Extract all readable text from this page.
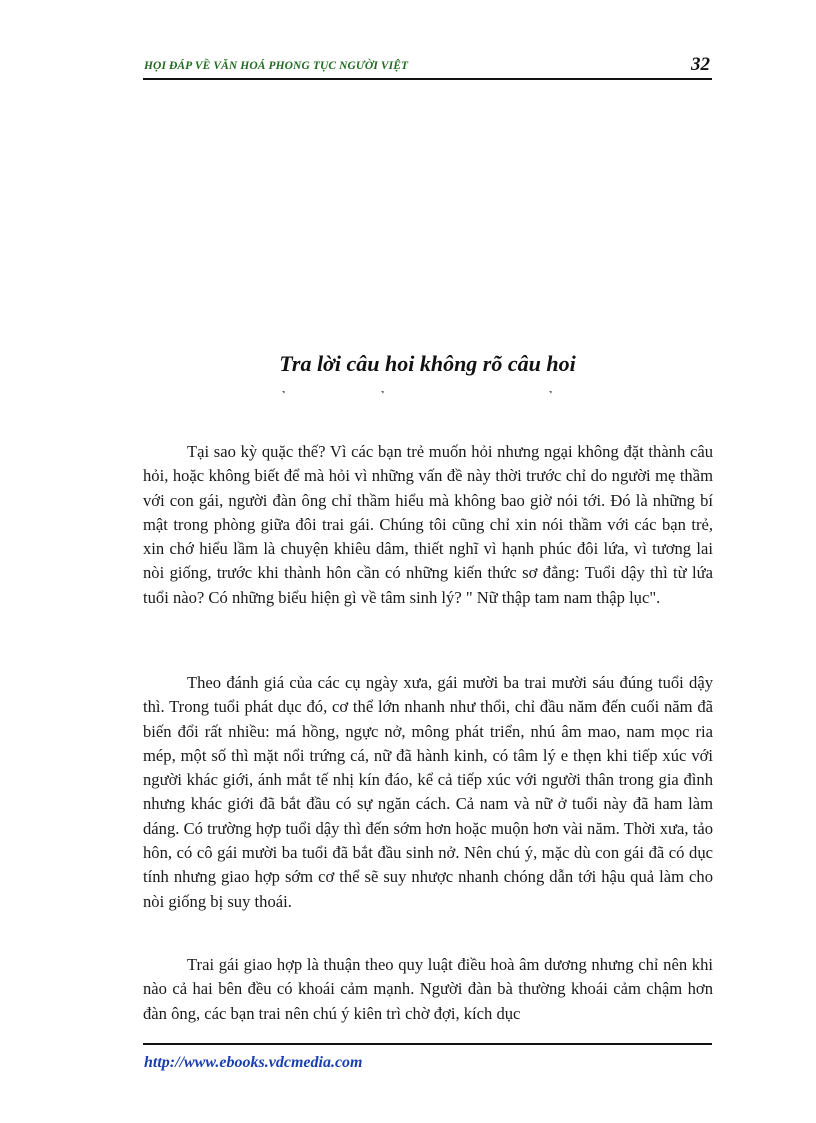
HỌI ĐÁP VỀ VĂN HOÁ PHONG TỤC NGƯỜI VIỆT	32
Tra lời câu hoi không rõ câu hoi

Tại sao kỳ quặc thế? Vì các bạn trẻ muốn hỏi nhưng ngại không đặt thành câu hỏi, hoặc không biết để mà hỏi vì những vấn đề này thời trước chỉ do người mẹ thầm với con gái, người đàn ông chỉ thầm hiểu mà không bao giờ nói tới. Đó là những bí mật trong phòng giữa đôi trai gái. Chúng tôi cũng chỉ xin nói thầm với các bạn trẻ, xin chớ hiểu lầm là chuyện khiêu dâm, thiết nghĩ vì hạnh phúc đôi lứa, vì tương lai nòi giống, trước khi thành hôn cần có những kiến thức sơ đẳng: Tuổi dậy thì từ lứa tuổi nào? Có những biểu hiện gì về tâm sinh lý? " Nữ thập tam nam thập lục".

Theo đánh giá của các cụ ngày xưa, gái mười ba trai mười sáu đúng tuổi dậy thì. Trong tuổi phát dục đó, cơ thể lớn nhanh như thổi, chỉ đầu năm đến cuối năm đã biến đổi rất nhiều: má hồng, ngực nở, mông phát triển, nhú âm mao, nam mọc ria mép, một số thì mặt nổi trứng cá, nữ đã hành kinh, có tâm lý e thẹn khi tiếp xúc với người khác giới, ánh mắt tế nhị kín đáo, kể cả tiếp xúc với người thân trong gia đình nhưng khác giới đã bắt đầu có sự ngăn cách. Cả nam và nữ ở tuổi này đã ham làm dáng. Có trường hợp tuổi dậy thì đến sớm hơn hoặc muộn hơn vài năm. Thời xưa, tảo hôn, có cô gái mười ba tuổi đã bắt đầu sinh nở. Nên chú ý, mặc dù con gái đã có dục tính nhưng giao hợp sớm cơ thể sẽ suy nhược nhanh chóng dẫn tới hậu quả làm cho nòi giống bị suy thoái.

Trai gái giao hợp là thuận theo quy luật điều hoà âm dương nhưng chỉ nên khi nào cả hai bên đều có khoái cảm mạnh. Người đàn bà thường khoái cảm chậm hơn đàn ông, các bạn trai nên chú ý kiên trì chờ đợi, kích dục

http://www.ebooks.vdcmedia.com
